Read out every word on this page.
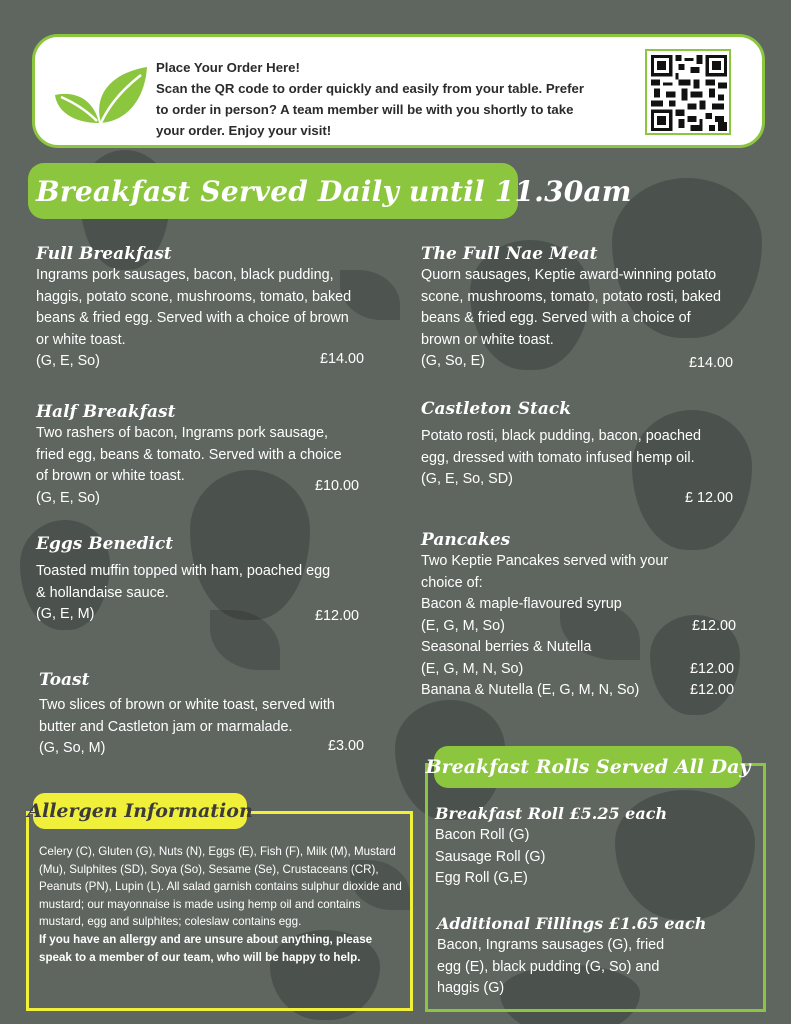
Place Your Order Here!
Scan the QR code to order quickly and easily from your table. Prefer
to order in person? A team member will be with you shortly to take
your order. Enjoy your visit!
Breakfast Served Daily until 11.30am
Full Breakfast
Ingrams pork sausages, bacon, black pudding,
haggis, potato scone, mushrooms, tomato, baked
beans & fried egg. Served with a choice of brown
or white toast.
(G, E, So)	£14.00
Half Breakfast
Two rashers of bacon, Ingrams pork sausage,
fried egg, beans & tomato. Served with a choice
of brown or white toast.
(G, E, So)
£10.00
Eggs Benedict
Toasted muffin topped with ham, poached egg
& hollandaise sauce.
(G, E, M)	£12.00
Toast
Two slices of brown or white toast, served with
butter and Castleton jam or marmalade.
(G, So, M)	£3.00
The Full Nae Meat
Quorn sausages, Keptie award-winning potato
scone, mushrooms, tomato, potato rosti, baked
beans & fried egg. Served with a choice of
brown or white toast.
(G, So, E)	£14.00
Castleton Stack
Potato rosti, black pudding, bacon, poached
egg, dressed with tomato infused hemp oil.
(G, E, So, SD)
£ 12.00
Pancakes
Two Keptie Pancakes served with your
choice of:
Bacon & maple-flavoured syrup
(E, G, M, So)	£12.00
Seasonal berries & Nutella
(E, G, M, N, So)	£12.00
Banana & Nutella (E, G, M, N, So)	£12.00
Allergen Information
Celery (C), Gluten (G), Nuts (N), Eggs (E), Fish (F), Milk (M), Mustard (Mu), Sulphites (SD), Soya (So), Sesame (Se), Crustaceans (CR), Peanuts (PN), Lupin (L). All salad garnish contains sulphur dioxide and mustard; our mayonnaise is made using hemp oil and contains mustard, egg and sulphites; coleslaw contains egg.
If you have an allergy and are unsure about anything, please speak to a member of our team, who will be happy to help.
Breakfast Rolls Served All Day
Breakfast Roll £5.25 each
Bacon Roll (G)
Sausage Roll (G)
Egg Roll (G,E)
Additional Fillings £1.65 each
Bacon, Ingrams sausages (G), fried
egg (E), black pudding (G, So) and
haggis (G)
